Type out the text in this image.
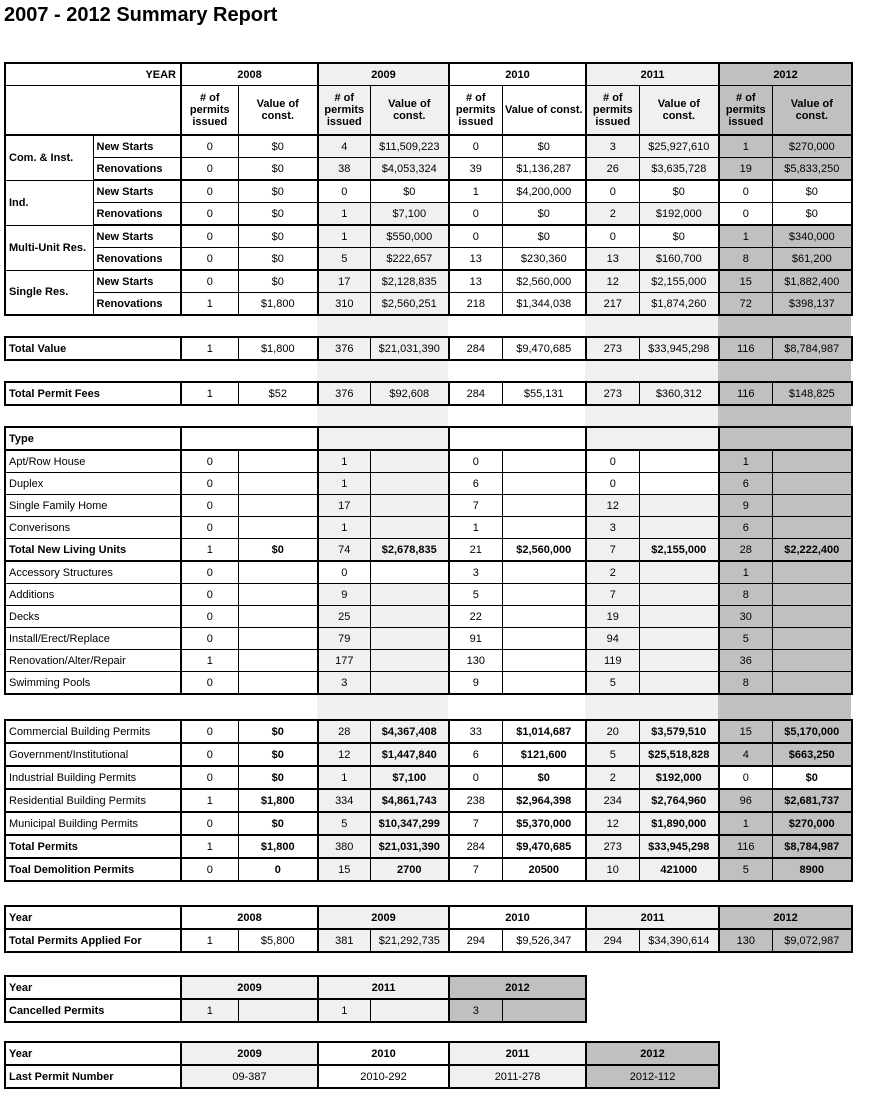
2007 - 2012 Summary Report
YEAR		2008		2009		2010		2011		2012	
		# of permits issued	Value of const.	# of permits issued	Value of const.	# of permits issued	Value of const.	# of permits issued	Value of const.	# of permits issued	Value of const.
Com. & Inst.	New Starts	0	$0	4	$11,509,223	0	$0	3	$25,927,610	1	$270,000
	Renovations	0	$0	38	$4,053,324	39	$1,136,287	26	$3,635,728	19	$5,833,250
Ind.	New Starts	0	$0	0	$0	1	$4,200,000	0	$0	0	$0
	Renovations	0	$0	1	$7,100	0	$0	2	$192,000	0	$0
Multi-Unit Res.	New Starts	0	$0	1	$550,000	0	$0	0	$0	1	$340,000
	Renovations	0	$0	5	$222,657	13	$230,360	13	$160,700	8	$61,200
Single Res.	New Starts	0	$0	17	$2,128,835	13	$2,560,000	12	$2,155,000	15	$1,882,400
	Renovations	1	$1,800	310	$2,560,251	218	$1,344,038	217	$1,874,260	72	$398,137
Total Value	1	$1,800	376	$21,031,390	284	$9,470,685	273	$33,945,298	116	$8,784,987
Total Permit Fees	1	$52	376	$92,608	284	$55,131	273	$360,312	116	$148,825
Type										
Apt/Row House	0		1		0		0		1	
Duplex	0		1		6		0		6	
Single Family Home	0		17		7		12		9	
Converisons	0		1		1		3		6	
Total New Living Units	1	$0	74	$2,678,835	21	$2,560,000	7	$2,155,000	28	$2,222,400
Accessory Structures	0		0		3		2		1	
Additions	0		9		5		7		8	
Decks	0		25		22		19		30	
Install/Erect/Replace	0		79		91		94		5	
Renovation/Alter/Repair	1		177		130		119		36	
Swimming Pools	0		3		9		5		8	
Commercial Building Permits	0	$0	28	$4,367,408	33	$1,014,687	20	$3,579,510	15	$5,170,000
Government/Institutional	0	$0	12	$1,447,840	6	$121,600	5	$25,518,828	4	$663,250
Industrial Building Permits	0	$0	1	$7,100	0	$0	2	$192,000	0	$0
Residential Building Permits	1	$1,800	334	$4,861,743	238	$2,964,398	234	$2,764,960	96	$2,681,737
Municipal Building Permits	0	$0	5	$10,347,299	7	$5,370,000	12	$1,890,000	1	$270,000
Total Permits	1	$1,800	380	$21,031,390	284	$9,470,685	273	$33,945,298	116	$8,784,987
Toal Demolition Permits	0	0	15	2700	7	20500	10	421000	5	8900
Year	2008		2009		2010		2011		2012	
Total Permits Applied For	1	$5,800	381	$21,292,735	294	$9,526,347	294	$34,390,614	130	$9,072,987
Year	2009		2011		2012	
Cancelled Permits	1		1		3	
Year	2009	2010	2011	2012
Last Permit Number	09-387	2010-292	2011-278	2012-112
